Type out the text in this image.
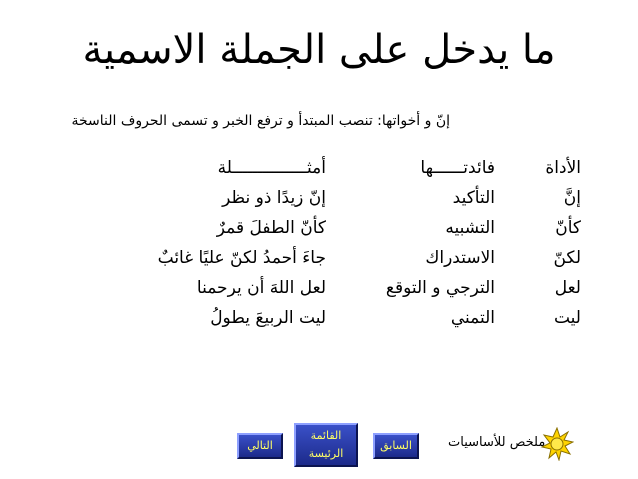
ما يدخل على الجملة الاسمية
إنّ و أخواتها: تنصب المبتدأ و ترفع الخبر و تسمى الحروف الناسخة
الأداة
فائدتــــــها
أمثـــــــــــــــلة
إنَّ
التأكيد
إنّ زيدًا ذو نظر
كأنّ
التشبيه
كأنّ الطفلَ قمرٌ
لكنّ
الاستدراك
جاءَ أحمدُ لكنّ عليًا غائبٌ
لعل
الترجي و التوقع
لعل اللهَ أن يرحمنا
ليت
التمني
ليت الربيعَ يطولُ
السابق
القائمة
الرئيسة
التالي	ملخص للأساسيات
